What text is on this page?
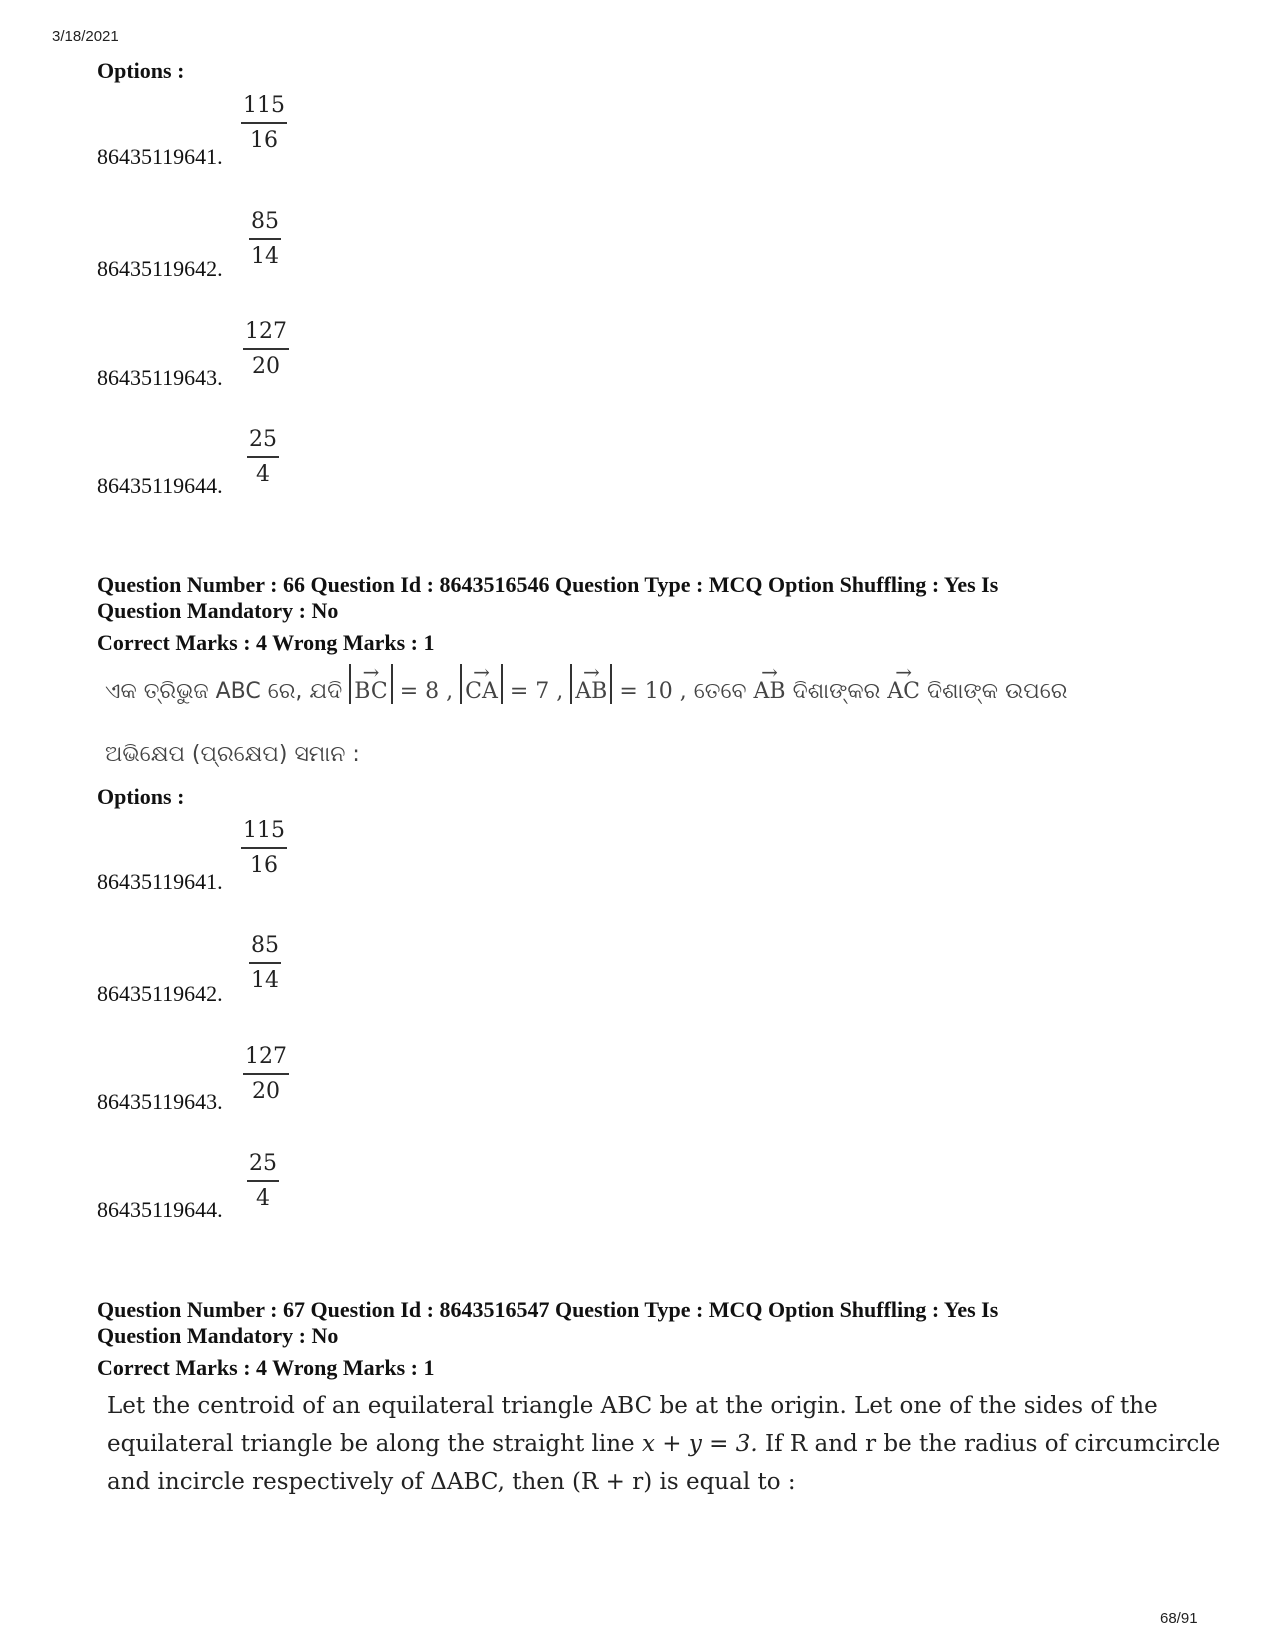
3/18/2021
68/91
Options :
86435119641.
$\frac{115}{16}$
86435119642. $\frac{85}{14}$
86435119643. $\frac{127}{20}$
86435119644. $\frac{25}{4}$
Question Number : 66 Question Id : 8643516546 Question Type : MCQ Option Shuffling : Yes Is
Question Mandatory : No
Correct Marks : 4 Wrong Marks : 1
ଏକ ତ୍ରିଭୁଜ ABC ରେ, ଯଦି
→
BC = 8 ,
→
CA = 7 ,
→
AB = 10 , ତେବେ
→
AB ଦିଶାଙ୍କର
→
AC ଦିଶାଙ୍କ ଉପରେ
ଅଭିକ୍ଷେପ (ପ୍ରକ୍ଷେପ) ସମାନ :
Options :
86435119641.
$\frac{115}{16}$
86435119642. $\frac{85}{14}$
86435119643. $\frac{127}{20}$
86435119644. $\frac{25}{4}$
Question Number : 67 Question Id : 8643516547 Question Type : MCQ Option Shuffling : Yes Is
Question Mandatory : No
Correct Marks : 4 Wrong Marks : 1
Let the centroid of an equilateral triangle ABC be at the origin. Let one of the sides of the
equilateral triangle be along the straight line x + y = 3. If R and r be the radius of circumcircle
and incircle respectively of ΔABC, then (R + r) is equal to :
